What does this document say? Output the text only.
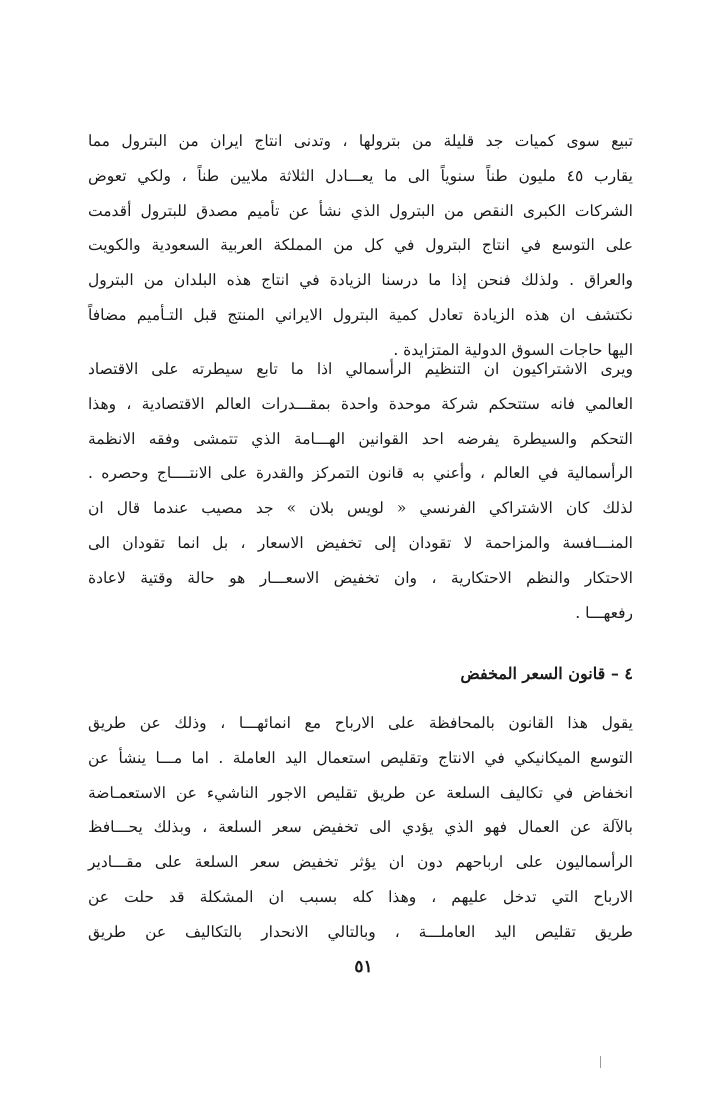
تبيع سوى كميات جد قليلة من بترولها ، وتدنى انتاج ايران من البترول مما
يقارب ٤٥ مليون طناً سنوياً الى ما يعـــادل الثلاثة ملايين طناً ، ولكي تعوض
الشركات الكبرى النقص من البترول الذي نشأ عن تأميم مصدق للبترول أقدمت
على التوسع في انتاج البترول في كل من المملكة العربية السعودية والكويت
والعراق . ولذلك فنحن إذا ما درسنا الزيادة في انتاج هذه البلدان من البترول
نكتشف ان هذه الزيادة تعادل كمية البترول الايراني المنتج قبل التـأميم مضافاً
اليها حاجات السوق الدولية المتزايدة .
ويرى الاشتراكيون ان التنظيم الرأسمالي اذا ما تابع سيطرته على الاقتصاد
العالمي فانه ستتحكم شركة موحدة واحدة بمقـــدرات العالم الاقتصادية ، وهذا
التحكم والسيطرة يفرضه احد القوانين الهـــامة الذي تتمشى وفقه الانظمة
الرأسمالية في العالم ، وأعني به قانون التمركز والقدرة على الانتــــاج وحصره .
لذلك كان الاشتراكي الفرنسي « لويس بلان » جد مصيب عندما قال ان
المنـــافسة والمزاحمة لا تقودان إلى تخفيض الاسعار ، بل انما تقودان الى
الاحتكار والنظم الاحتكارية ، وان تخفيض الاسعـــار هو حالة وقتية لاعادة
رفعهـــا .
٤ – قانون السعر المخفض
يقول هذا القانون بالمحافظة على الارباح مع انمائهـــا ، وذلك عن طريق
التوسع الميكانيكي في الانتاج وتقليص استعمال اليد العاملة . اما مـــا ينشأ عن
انخفاض في تكاليف السلعة عن طريق تقليص الاجور الناشيء عن الاستعمـاضة
بالآلة عن العمال فهو الذي يؤدي الى تخفيض سعر السلعة ، وبذلك يحـــافظ
الرأسماليون على ارباحهم دون ان يؤثر تخفيض سعر السلعة على مقـــادير
الارباح التي تدخل عليهم ، وهذا كله بسبب ان المشكلة قد حلت عن
طريق تقليص اليد العاملـــة ، وبالتالي الانحدار بالتكاليف عن طريق
٥١
